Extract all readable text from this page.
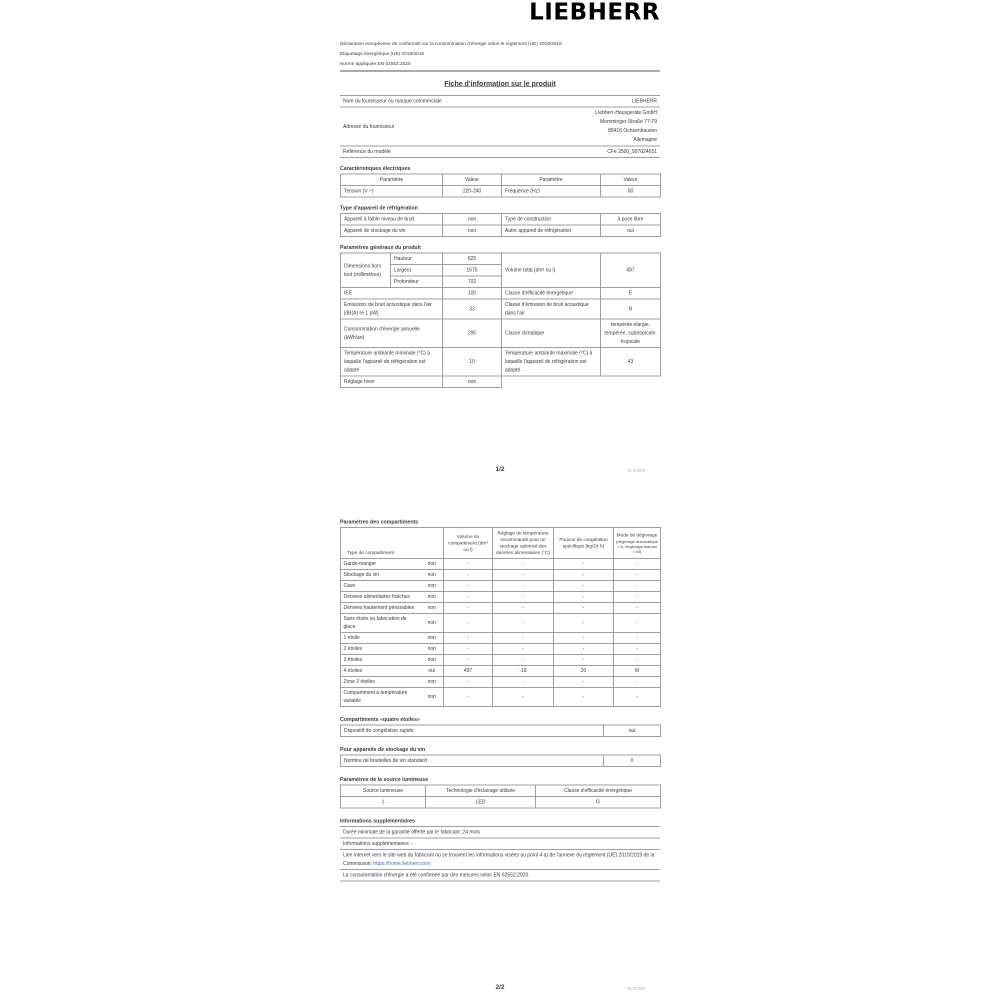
LIEBHERR
Déclaration européenne de conformité sur la consommation d'énergie selon le règlement (UE) 2019/2019
Étiquetage énergétique (UE) 2019/2016
Norme appliquée EN 62552:2020
Fiche d'information sur le produit
Nom du fournisseur ou marque commerciale	LIEBHERR
Adresse du fournisseur	Liebherr-Hausgeräte GmbH
Memminger Straße 77-79
88416 Ochsenhausen
Allemagne

Référence du modèle	CFe 2500_997024651
Caractéristiques électriques
Paramètre	Valeur	Paramètre	Valeur
Tension (V ~)	220-240	Fréquence (Hz)	50
Type d'appareil de réfrigération
Appareil à faible niveau de bruit	non	Type de construction	à pose libre
Appareil de stockage du vin	non	Autre appareil de réfrigération	oui
Paramètres généraux du produit
Dimensions hors tout (millimètres)	Hauteur	825	Volume total (dm³ ou l)	497
	Largeur	1675		
	Profondeur	702		
IEE		100	Classe d'efficacité énergétique	E
Émissions de bruit acoustique dans l'air [dB(A) re 1 pW]		33	Classe d'émission de bruit acoustique dans l'air	B
Consommation d'énergie annuelle (kWh/an)		295	Classe climatique	tempérée élargie, tempérée, subtropicale, tropicale
Température ambiante minimale (°C) à laquelle l'appareil de réfrigération est adapté		10	Température ambiante maximale (°C) à laquelle l'appareil de réfrigération est adapté	43
Réglage hiver		non		
1/2	01.12.2023
Paramètres des compartiments
Type de compartiment		Volume du compartiment (dm³ ou l)	Réglage de température recommandé pour un stockage optimisé des denrées alimentaires (°C)	Pouvoir de congélation spécifique (kg/24 h)	Mode de dégivrage
(dégivrage automatique = A, dégivrage manuel = M)

Garde-manger	non	-	-	-	-
Stockage du vin	non	-	-	-	-
Cave	non	-	-	-	-
Denrées alimentaires fraîches	non	-	-	-	-
Denrées hautement périssables	non	-	-	-	-
Sans étoile ou fabrication de glace	non	-	-	-	-
1 étoile	non	-	-	-	-
2 étoiles	non	-	-	-	-
3 étoiles	non	-	-	-	-
4 étoiles	oui	497	-18	20	M
Zone 2 étoiles	non	-	-	-	-
Compartiment à température variable	non	-	-	-	-
Compartiments «quatre étoiles»
Dispositif de congélation rapide	oui
Pour appareils de stockage du vin
Nombre de bouteilles de vin standard	0
Paramètres de la source lumineuse
Source lumineuse	Technologie d'éclairage utilisée	Classe d'efficacité énergétique
1	LED	G
Informations supplémentaires
Durée minimale de la garantie offerte par le fabricant: 24 mois
Informations supplémentaires: -
Lien internet vers le site web du fabricant où se trouvent les informations visées au point 4 a) de l'annexe du règlement (UE) 2019/2019 de la Commission: https://home.liebherr.com/
La consommation d'énergie a été confirmée par des mesures selon EN 62552:2020.
2/2	01.12.2023
